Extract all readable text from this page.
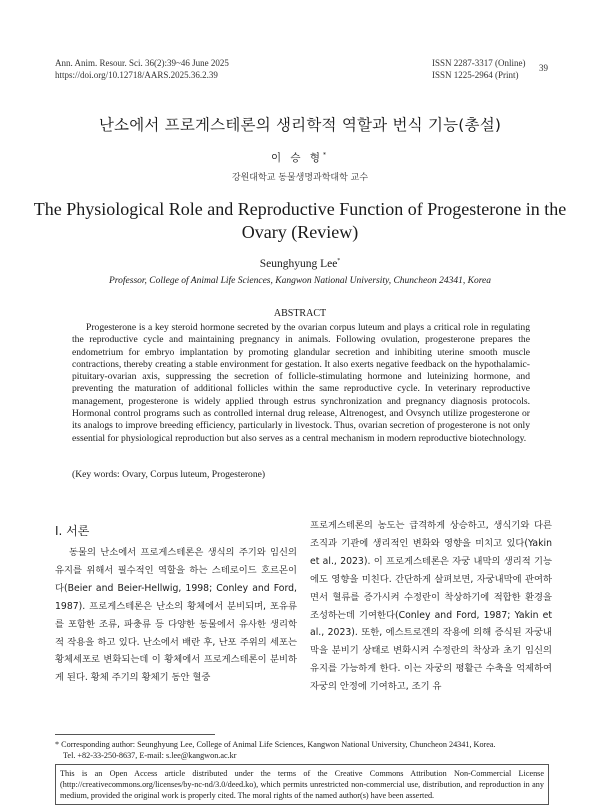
Ann. Anim. Resour. Sci. 36(2):39~46 June 2025
https://doi.org/10.12718/AARS.2025.36.2.39
ISSN 2287-3317 (Online)
ISSN 1225-2964 (Print)
39
난소에서 프로게스테론의 생리학적 역할과 번식 기능(총설)
이 승 형*
강원대학교 동물생명과학대학 교수
The Physiological Role and Reproductive Function of Progesterone in the
Ovary (Review)
Seunghyung Lee*
Professor, College of Animal Life Sciences, Kangwon National University, Chuncheon 24341, Korea
ABSTRACT

Progesterone is a key steroid hormone secreted by the ovarian corpus luteum and plays a critical role in regulating the reproductive cycle and maintaining pregnancy in animals. Following ovulation, progesterone prepares the endometrium for embryo implantation by promoting glandular secretion and inhibiting uterine smooth muscle contractions, thereby creating a stable environment for gestation. It also exerts negative feedback on the hypothalamic-pituitary-ovarian axis, suppressing the secretion of follicle-stimulating hormone and luteinizing hormone, and preventing the maturation of additional follicles within the same reproductive cycle. In veterinary reproductive management, progesterone is widely applied through estrus synchronization and pregnancy diagnosis protocols. Hormonal control programs such as controlled internal drug release, Altrenogest, and Ovsynch utilize progesterone or its analogs to improve breeding efficiency, particularly in livestock. Thus, ovarian secretion of progesterone is not only essential for physiological reproduction but also serves as a central mechanism in modern reproductive biotechnology.

(Key words: Ovary, Corpus luteum, Progesterone)

Ⅰ. 서론

동물의 난소에서 프로게스테론은 생식의 주기와 임신의 유지를 위해서 필수적인 역할을 하는 스테로이드 호르몬이다(Beier and Beier-Hellwig, 1998; Conley and Ford, 1987). 프로게스테론은 난소의 황체에서 분비되며, 포유류를 포함한 조류, 파충류 등 다양한 동물에서 유사한 생리학적 작용을 하고 있다. 난소에서 배란 후, 난포 주위의 세포는 황체세포로 변화되는데 이 황체에서 프로게스테론이 분비하게 된다. 황체 주기의 황체기 동안 혈중

프로게스테론의 농도는 급격하게 상승하고, 생식기와 다른 조직과 기관에 생리적인 변화와 영향을 미치고 있다(Yakin et al., 2023). 이 프로게스테론은 자궁 내막의 생리적 기능에도 영향을 미친다. 간단하게 살펴보면, 자궁내막에 관여하면서 혈류를 증가시켜 수정란이 착상하기에 적합한 환경을 조성하는데 기여한다(Conley and Ford, 1987; Yakin et al., 2023). 또한, 에스트로겐의 작용에 의해 증식된 자궁내막을 분비기 상태로 변화시켜 수정란의 착상과 초기 임신의 유지를 가능하게 한다. 이는 자궁의 평활근 수축을 억제하여 자궁의 안정에 기여하고, 조기 유

* Corresponding author: Seunghyung Lee, College of Animal Life Sciences, Kangwon National University, Chuncheon 24341, Korea.
Tel. +82-33-250-8637, E-mail: s.lee@kangwon.ac.kr

This is an Open Access article distributed under the terms of the Creative Commons Attribution Non-Commercial License (http://creativecommons.org/licenses/by-nc-nd/3.0/deed.ko), which permits unrestricted non-commercial use, distribution, and reproduction in any medium, provided the original work is properly cited. The moral rights of the named author(s) have been asserted.
